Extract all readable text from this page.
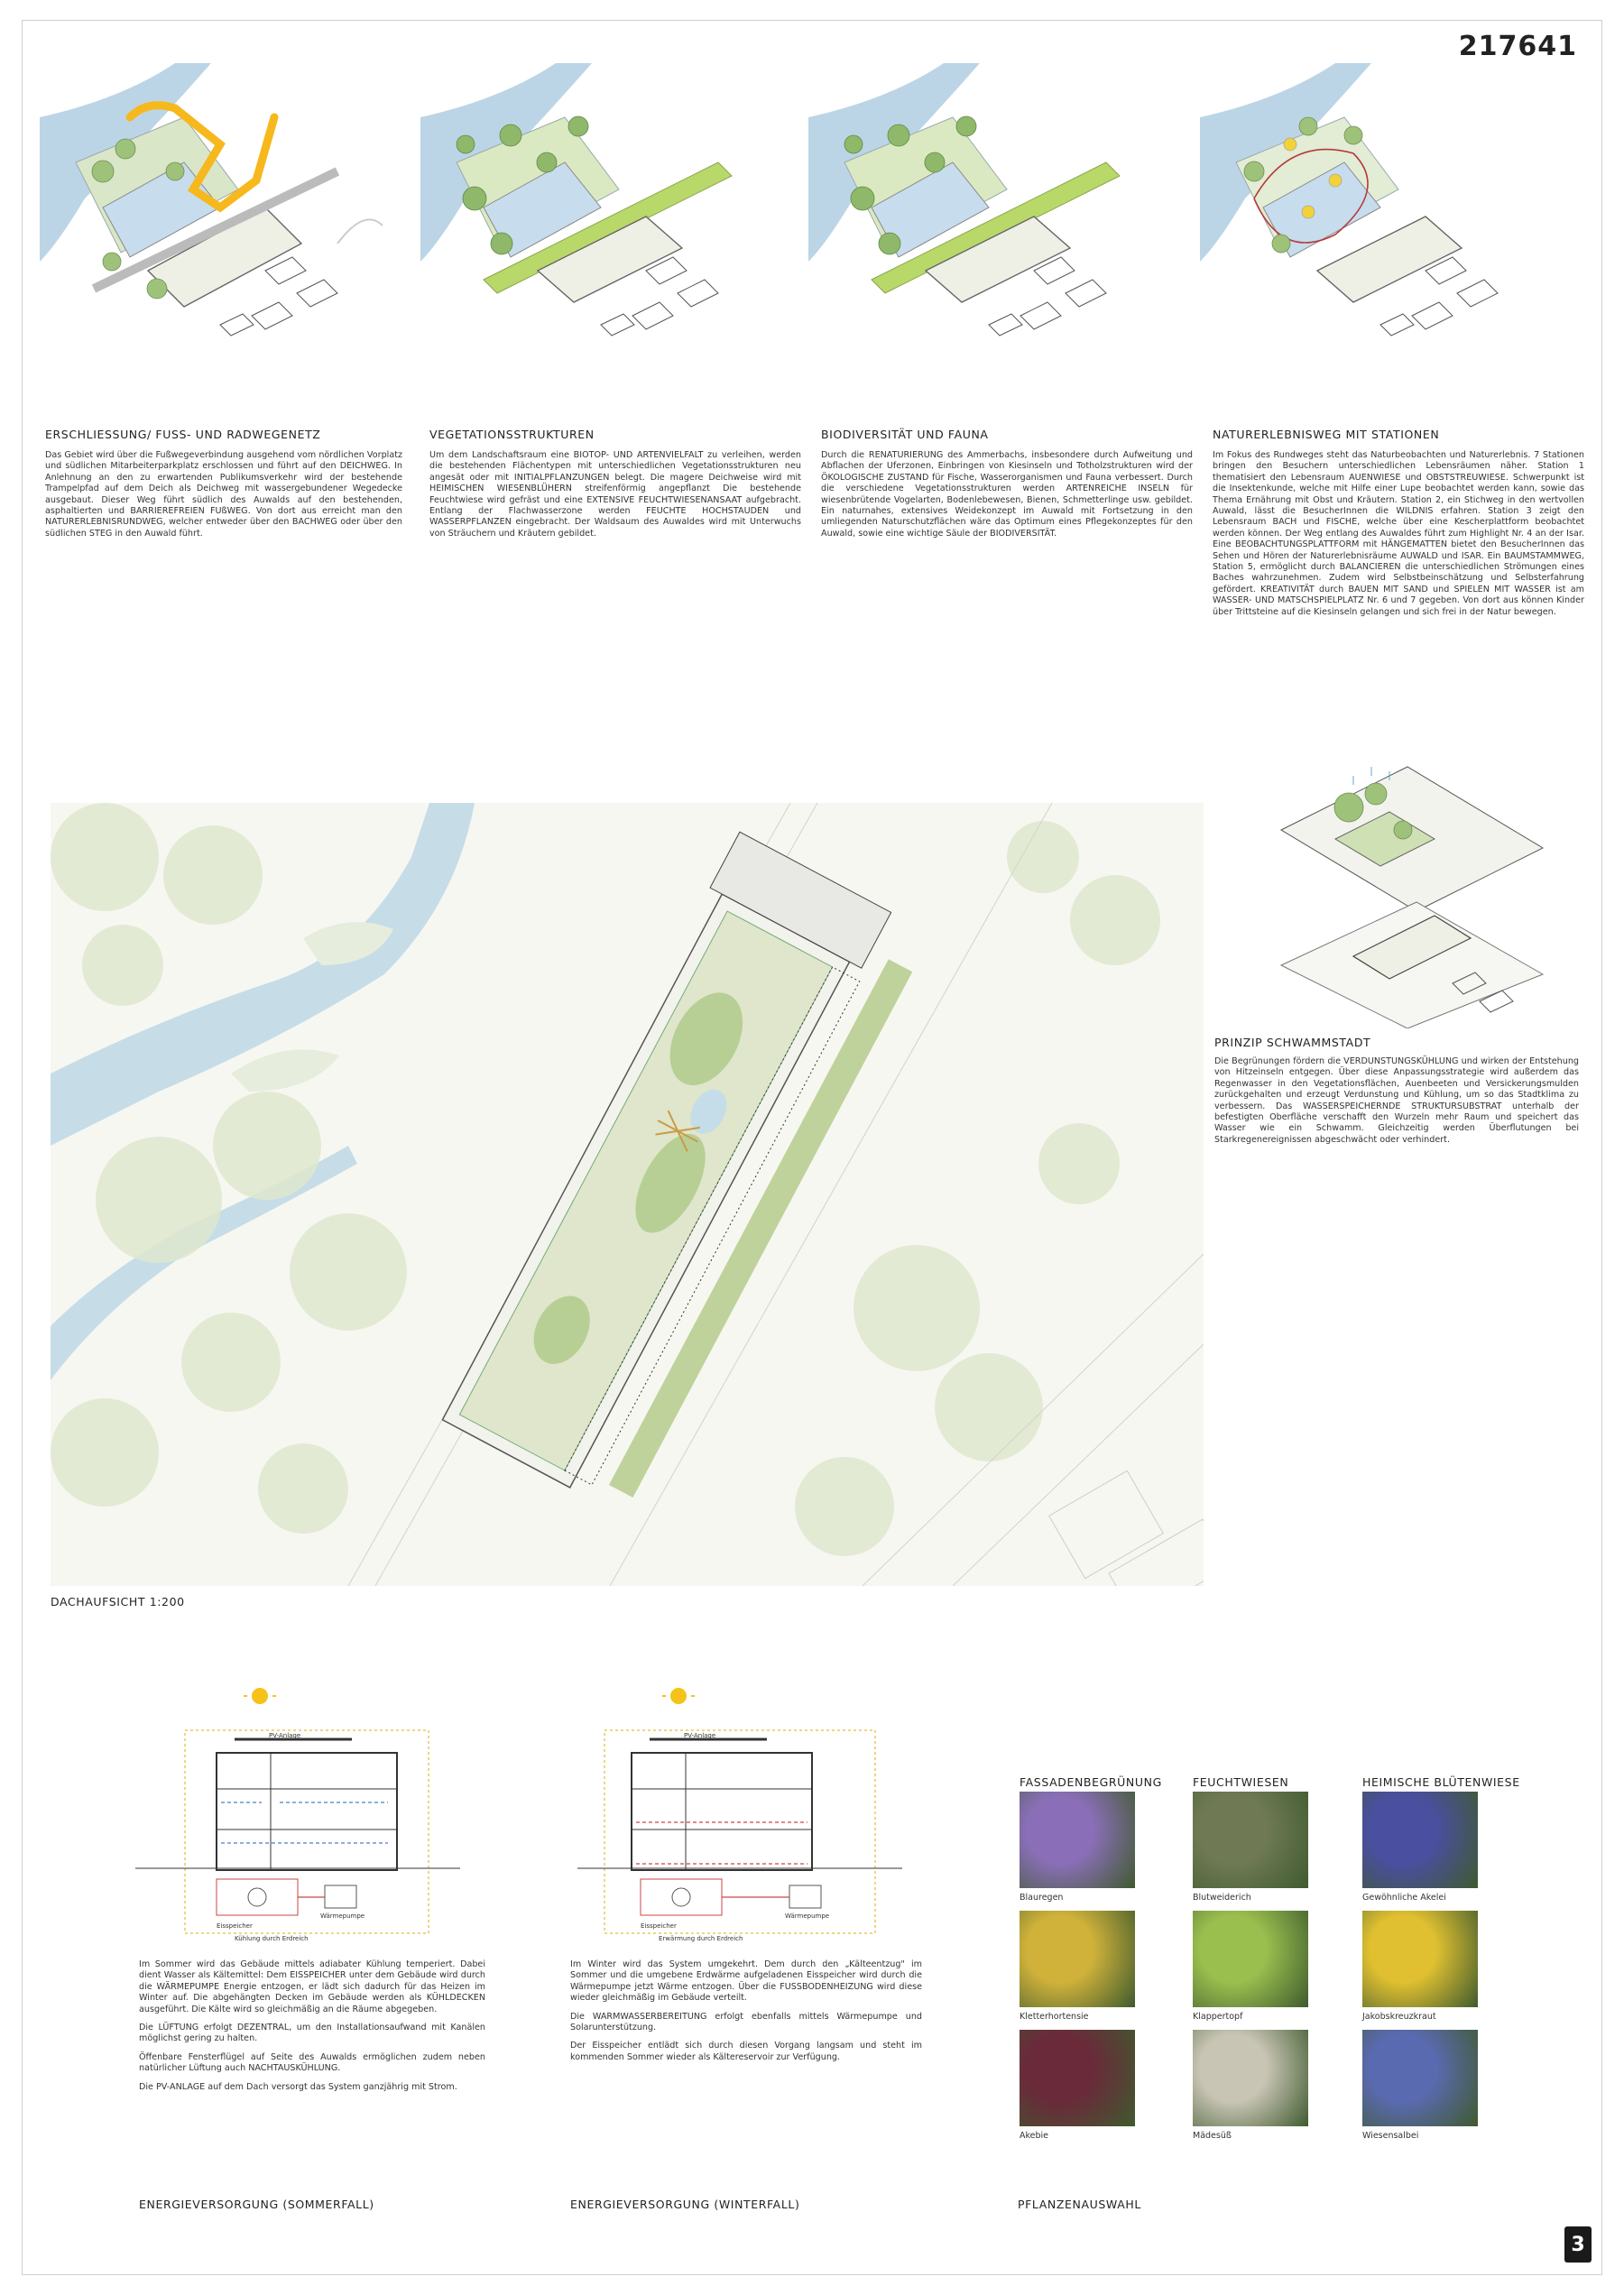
217641
ERSCHLIESSUNG/ FUSS- UND RADWEGENETZ
Das Gebiet wird über die Fußwegeverbindung ausgehend vom nördlichen Vorplatz und südlichen Mitarbeiterparkplatz erschlossen und führt auf den DEICHWEG. In Anlehnung an den zu erwartenden Publikumsverkehr wird der bestehende Trampelpfad auf dem Deich als Deichweg mit wassergebundener Wegedecke ausgebaut. Dieser Weg führt südlich des Auwalds auf den bestehenden, asphaltierten und BARRIEREFREIEN FUßWEG. Von dort aus erreicht man den NATURERLEBNISRUNDWEG, welcher entweder über den BACHWEG oder über den südlichen STEG in den Auwald führt.
VEGETATIONSSTRUKTUREN
Um dem Landschaftsraum eine BIOTOP- UND ARTENVIELFALT zu verleihen, werden die bestehenden Flächentypen mit unterschiedlichen Vegetationsstrukturen neu angesät oder mit INITIALPFLANZUNGEN belegt. Die magere Deichweise wird mit HEIMISCHEN WIESENBLÜHERN streifenförmig angepflanzt Die bestehende Feuchtwiese wird gefräst und eine EXTENSIVE FEUCHTWIESENANSAAT aufgebracht. Entlang der Flachwasserzone werden FEUCHTE HOCHSTAUDEN und WASSERPFLANZEN eingebracht. Der Waldsaum des Auwaldes wird mit Unterwuchs von Sträuchern und Kräutern gebildet.
BIODIVERSITÄT UND FAUNA
Durch die RENATURIERUNG des Ammerbachs, insbesondere durch Aufweitung und Abflachen der Uferzonen, Einbringen von Kiesinseln und Totholzstrukturen wird der ÖKOLOGISCHE ZUSTAND für Fische, Wasserorganismen und Fauna verbessert. Durch die verschiedene Vegetationsstrukturen werden ARTENREICHE INSELN für wiesenbrütende Vogelarten, Bodenlebewesen, Bienen, Schmetterlinge usw. gebildet. Ein naturnahes, extensives Weidekonzept im Auwald mit Fortsetzung in den umliegenden Naturschutzflächen wäre das Optimum eines Pflegekonzeptes für den Auwald, sowie eine wichtige Säule der BIODIVERSITÄT.
NATURERLEBNISWEG MIT STATIONEN
Im Fokus des Rundweges steht das Naturbeobachten und Naturerlebnis. 7 Stationen bringen den Besuchern unterschiedlichen Lebensräumen näher. Station 1 thematisiert den Lebensraum AUENWIESE und OBSTSTREUWIESE. Schwerpunkt ist die Insektenkunde, welche mit Hilfe einer Lupe beobachtet werden kann, sowie das Thema Ernährung mit Obst und Kräutern. Station 2, ein Stichweg in den wertvollen Auwald, lässt die BesucherInnen die WILDNIS erfahren. Station 3 zeigt den Lebensraum BACH und FISCHE, welche über eine Kescherplattform beobachtet werden können. Der Weg entlang des Auwaldes führt zum Highlight Nr. 4 an der Isar. Eine BEOBACHTUNGSPLATTFORM mit HÄNGEMATTEN bietet den BesucherInnen das Sehen und Hören der Naturerlebnisräume AUWALD und ISAR. Ein BAUMSTAMMWEG, Station 5, ermöglicht durch BALANCIEREN die unterschiedlichen Strömungen eines Baches wahrzunehmen. Zudem wird Selbstbeinschätzung und Selbsterfahrung gefördert. KREATIVITÄT durch BAUEN MIT SAND und SPIELEN MIT WASSER ist am WASSER- UND MATSCHSPIELPLATZ Nr. 6 und 7 gegeben. Von dort aus können Kinder über Trittsteine auf die Kiesinseln gelangen und sich frei in der Natur bewegen.
DACHAUFSICHT 1:200
PRINZIP SCHWAMMSTADT
Die Begrünungen fördern die VERDUNSTUNGSKÜHLUNG und wirken der Entstehung von Hitzeinseln entgegen. Über diese Anpassungsstrategie wird außerdem das Regenwasser in den Vegetationsflächen, Auenbeeten und Versickerungsmulden zurückgehalten und erzeugt Verdunstung und Kühlung, um so das Stadtklima zu verbessern. Das WASSERSPEICHERNDE STRUKTURSUBSTRAT unterhalb der befestigten Oberfläche verschafft den Wurzeln mehr Raum und speichert das Wasser wie ein Schwamm. Gleichzeitig werden Überflutungen bei Starkregenereignissen abgeschwächt oder verhindert.
PV-Anlage
Eisspeicher
Wärmepumpe
Kühlung durch Erdreich
PV-Anlage
Eisspeicher
Wärmepumpe
Erwärmung durch Erdreich
Im Sommer wird das Gebäude mittels adiabater Kühlung temperiert. Dabei dient Wasser als Kältemittel: Dem EISSPEICHER unter dem Gebäude wird durch die WÄRMEPUMPE Energie entzogen, er lädt sich dadurch für das Heizen im Winter auf. Die abgehängten Decken im Gebäude werden als KÜHLDECKEN ausgeführt. Die Kälte wird so gleichmäßig an die Räume abgegeben.
Die LÜFTUNG erfolgt DEZENTRAL, um den Installationsaufwand mit Kanälen möglichst gering zu halten.
Öffenbare Fensterflügel auf Seite des Auwalds ermöglichen zudem neben natürlicher Lüftung auch NACHTAUSKÜHLUNG.
Die PV-ANLAGE auf dem Dach versorgt das System ganzjährig mit Strom.
Im Winter wird das System umgekehrt. Dem durch den „Kälteentzug" im Sommer und die umgebene Erdwärme aufgeladenen Eisspeicher wird durch die Wärmepumpe jetzt Wärme entzogen. Über die FUSSBODENHEIZUNG wird diese wieder gleichmäßig im Gebäude verteilt.
Die WARMWASSERBEREITUNG erfolgt ebenfalls mittels Wärmepumpe und Solarunterstützung.
Der Eisspeicher entlädt sich durch diesen Vorgang langsam und steht im kommenden Sommer wieder als Kältereservoir zur Verfügung.
ENERGIEVERSORGUNG (SOMMERFALL)	ENERGIEVERSORGUNG (WINTERFALL)
FASSADENBEGRÜNUNG	FEUCHTWIESEN	HEIMISCHE BLÜTENWIESE
Blauregen	Blutweiderich	Gewöhnliche Akelei
Kletterhortensie	Klappertopf	Jakobskreuzkraut
Akebie	Mädesüß	Wiesensalbei
PFLANZENAUSWAHL
3
